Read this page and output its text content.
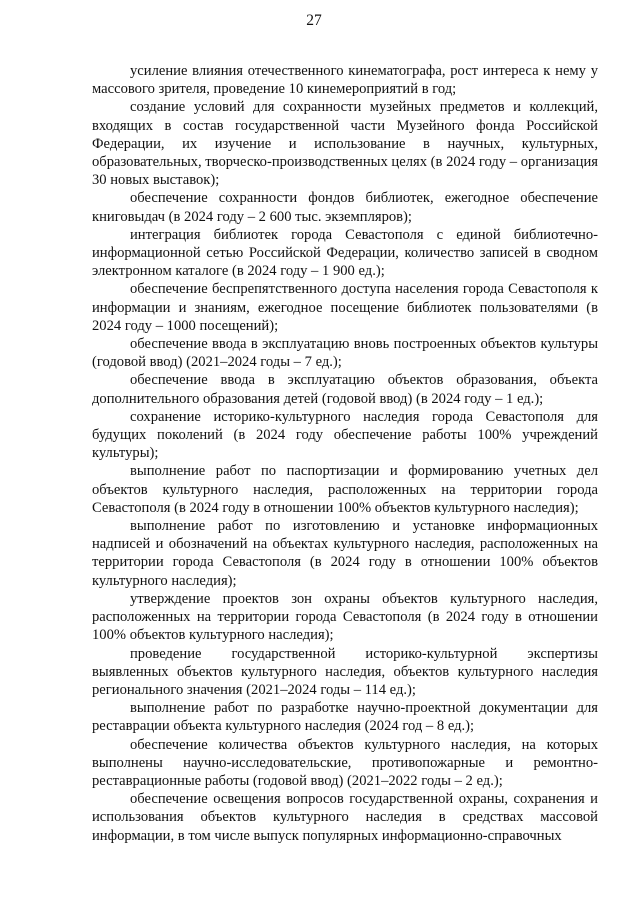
27

усиление влияния отечественного кинематографа, рост интереса к нему у массового зрителя, проведение 10 кинемероприятий в год;

создание условий для сохранности музейных предметов и коллекций, входящих в состав государственной части Музейного фонда Российской Федерации, их изучение и использование в научных, культурных, образовательных, творческо-производственных целях (в 2024 году – организация 30 новых выставок);

обеспечение сохранности фондов библиотек, ежегодное обеспечение книговыдач (в 2024 году – 2 600 тыс. экземпляров);

интеграция библиотек города Севастополя с единой библиотечно-информационной сетью Российской Федерации, количество записей в сводном электронном каталоге (в 2024 году – 1 900 ед.);

обеспечение беспрепятственного доступа населения города Севастополя к информации и знаниям, ежегодное посещение библиотек пользователями (в 2024 году – 1000 посещений);

обеспечение ввода в эксплуатацию вновь построенных объектов культуры (годовой ввод) (2021–2024 годы – 7 ед.);

обеспечение ввода в эксплуатацию объектов образования, объекта дополнительного образования детей (годовой ввод) (в 2024 году – 1 ед.);

сохранение историко-культурного наследия города Севастополя для будущих поколений (в 2024 году обеспечение работы 100% учреждений культуры);

выполнение работ по паспортизации и формированию учетных дел объектов культурного наследия, расположенных на территории города Севастополя (в 2024 году в отношении 100% объектов культурного наследия);

выполнение работ по изготовлению и установке информационных надписей и обозначений на объектах культурного наследия, расположенных на территории города Севастополя (в 2024 году в отношении 100% объектов культурного наследия);

утверждение проектов зон охраны объектов культурного наследия, расположенных на территории города Севастополя (в 2024 году в отношении 100% объектов культурного наследия);

проведение государственной историко-культурной экспертизы выявленных объектов культурного наследия, объектов культурного наследия регионального значения (2021–2024 годы – 114 ед.);

выполнение работ по разработке научно-проектной документации для реставрации объекта культурного наследия (2024 год – 8 ед.);

обеспечение количества объектов культурного наследия, на которых выполнены научно-исследовательские, противопожарные и ремонтно-реставрационные работы (годовой ввод) (2021–2022 годы – 2 ед.);

обеспечение освещения вопросов государственной охраны, сохранения и использования объектов культурного наследия в средствах массовой информации, в том числе выпуск популярных информационно-справочных
